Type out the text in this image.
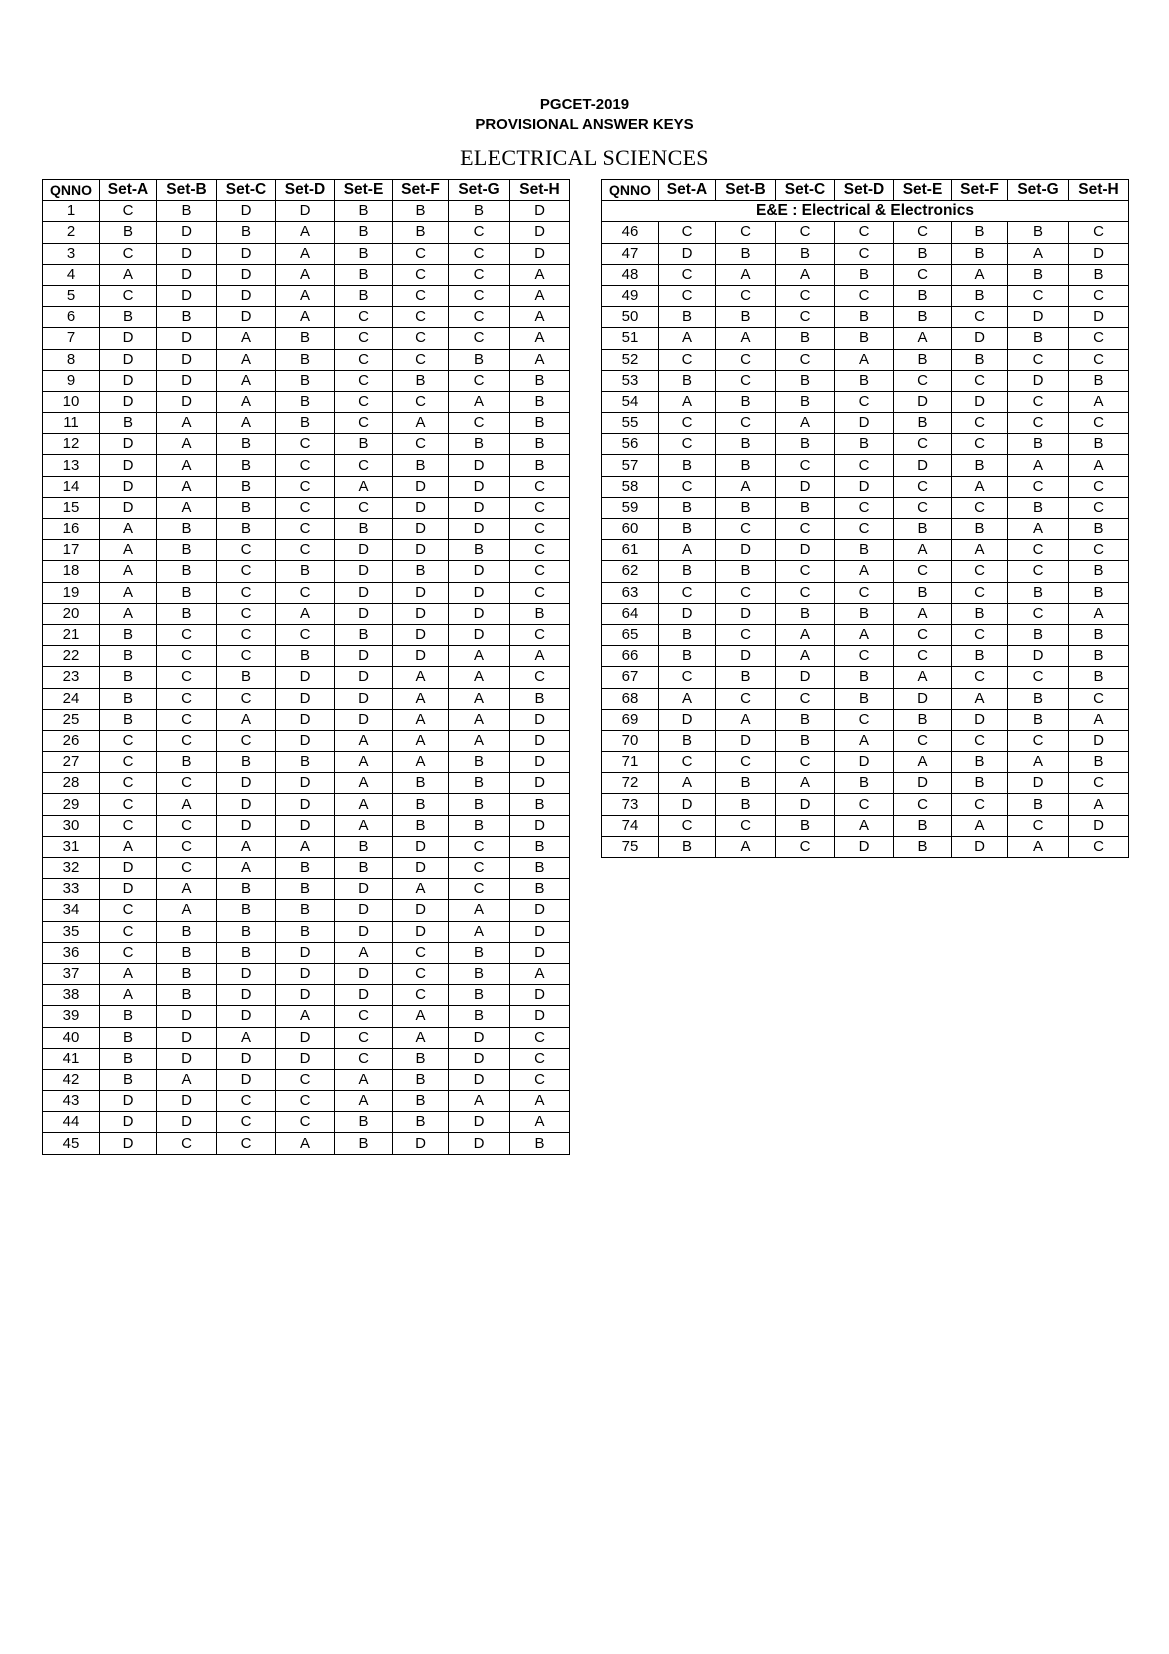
PGCET-2019
PROVISIONAL ANSWER KEYS
ELECTRICAL SCIENCES
QNNO	Set-A	Set-B	Set-C	Set-D	Set-E	Set-F	Set-G	Set-H
1	C	B	D	D	B	B	B	D
2	B	D	B	A	B	B	C	D
3	C	D	D	A	B	C	C	D
4	A	D	D	A	B	C	C	A
5	C	D	D	A	B	C	C	A
6	B	B	D	A	C	C	C	A
7	D	D	A	B	C	C	C	A
8	D	D	A	B	C	C	B	A
9	D	D	A	B	C	B	C	B
10	D	D	A	B	C	C	A	B
11	B	A	A	B	C	A	C	B
12	D	A	B	C	B	C	B	B
13	D	A	B	C	C	B	D	B
14	D	A	B	C	A	D	D	C
15	D	A	B	C	C	D	D	C
16	A	B	B	C	B	D	D	C
17	A	B	C	C	D	D	B	C
18	A	B	C	B	D	B	D	C
19	A	B	C	C	D	D	D	C
20	A	B	C	A	D	D	D	B
21	B	C	C	C	B	D	D	C
22	B	C	C	B	D	D	A	A
23	B	C	B	D	D	A	A	C
24	B	C	C	D	D	A	A	B
25	B	C	A	D	D	A	A	D
26	C	C	C	D	A	A	A	D
27	C	B	B	B	A	A	B	D
28	C	C	D	D	A	B	B	D
29	C	A	D	D	A	B	B	B
30	C	C	D	D	A	B	B	D
31	A	C	A	A	B	D	C	B
32	D	C	A	B	B	D	C	B
33	D	A	B	B	D	A	C	B
34	C	A	B	B	D	D	A	D
35	C	B	B	B	D	D	A	D
36	C	B	B	D	A	C	B	D
37	A	B	D	D	D	C	B	A
38	A	B	D	D	D	C	B	D
39	B	D	D	A	C	A	B	D
40	B	D	A	D	C	A	D	C
41	B	D	D	D	C	B	D	C
42	B	A	D	C	A	B	D	C
43	D	D	C	C	A	B	A	A
44	D	D	C	C	B	B	D	A
45	D	C	C	A	B	D	D	B
QNNO	Set-A	Set-B	Set-C	Set-D	Set-E	Set-F	Set-G	Set-H
E&E : Electrical & Electronics								
46	C	C	C	C	C	B	B	C
47	D	B	B	C	B	B	A	D
48	C	A	A	B	C	A	B	B
49	C	C	C	C	B	B	C	C
50	B	B	C	B	B	C	D	D
51	A	A	B	B	A	D	B	C
52	C	C	C	A	B	B	C	C
53	B	C	B	B	C	C	D	B
54	A	B	B	C	D	D	C	A
55	C	C	A	D	B	C	C	C
56	C	B	B	B	C	C	B	B
57	B	B	C	C	D	B	A	A
58	C	A	D	D	C	A	C	C
59	B	B	B	C	C	C	B	C
60	B	C	C	C	B	B	A	B
61	A	D	D	B	A	A	C	C
62	B	B	C	A	C	C	C	B
63	C	C	C	C	B	C	B	B
64	D	D	B	B	A	B	C	A
65	B	C	A	A	C	C	B	B
66	B	D	A	C	C	B	D	B
67	C	B	D	B	A	C	C	B
68	A	C	C	B	D	A	B	C
69	D	A	B	C	B	D	B	A
70	B	D	B	A	C	C	C	D
71	C	C	C	D	A	B	A	B
72	A	B	A	B	D	B	D	C
73	D	B	D	C	C	C	B	A
74	C	C	B	A	B	A	C	D
75	B	A	C	D	B	D	A	C
